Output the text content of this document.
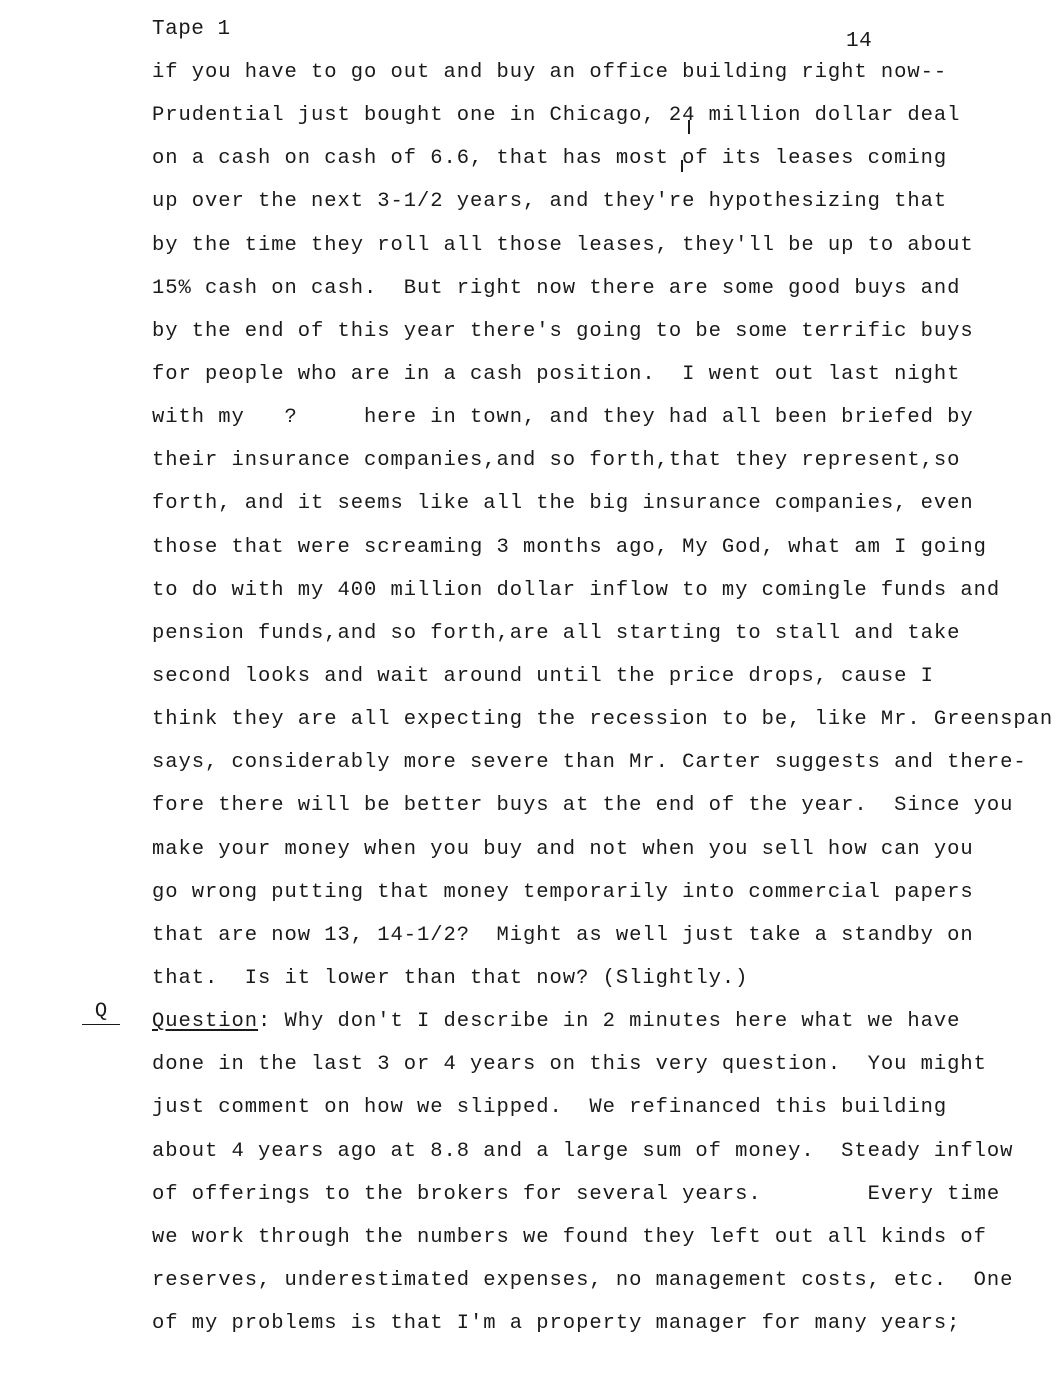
Tape 1
14
Q
if you have to go out and buy an office building right now--
Prudential just bought one in Chicago, 24 million dollar deal
on a cash on cash of 6.6, that has most of its leases coming
up over the next 3-1/2 years, and they're hypothesizing that
by the time they roll all those leases, they'll be up to about
15% cash on cash.  But right now there are some good buys and
by the end of this year there's going to be some terrific buys
for people who are in a cash position.  I went out last night
with my   ?     here in town, and they had all been briefed by
their insurance companies,and so forth,that they represent,so
forth, and it seems like all the big insurance companies, even
those that were screaming 3 months ago, My God, what am I going
to do with my 400 million dollar inflow to my comingle funds and
pension funds,and so forth,are all starting to stall and take
second looks and wait around until the price drops, cause I
think they are all expecting the recession to be, like Mr. Greenspan
says, considerably more severe than Mr. Carter suggests and there-
fore there will be better buys at the end of the year.  Since you
make your money when you buy and not when you sell how can you
go wrong putting that money temporarily into commercial papers
that are now 13, 14-1/2?  Might as well just take a standby on
that.  Is it lower than that now? (Slightly.)
Question: Why don't I describe in 2 minutes here what we have
done in the last 3 or 4 years on this very question.  You might
just comment on how we slipped.  We refinanced this building
about 4 years ago at 8.8 and a large sum of money.  Steady inflow
of offerings to the brokers for several years.        Every time
we work through the numbers we found they left out all kinds of
reserves, underestimated expenses, no management costs, etc.  One
of my problems is that I'm a property manager for many years;
